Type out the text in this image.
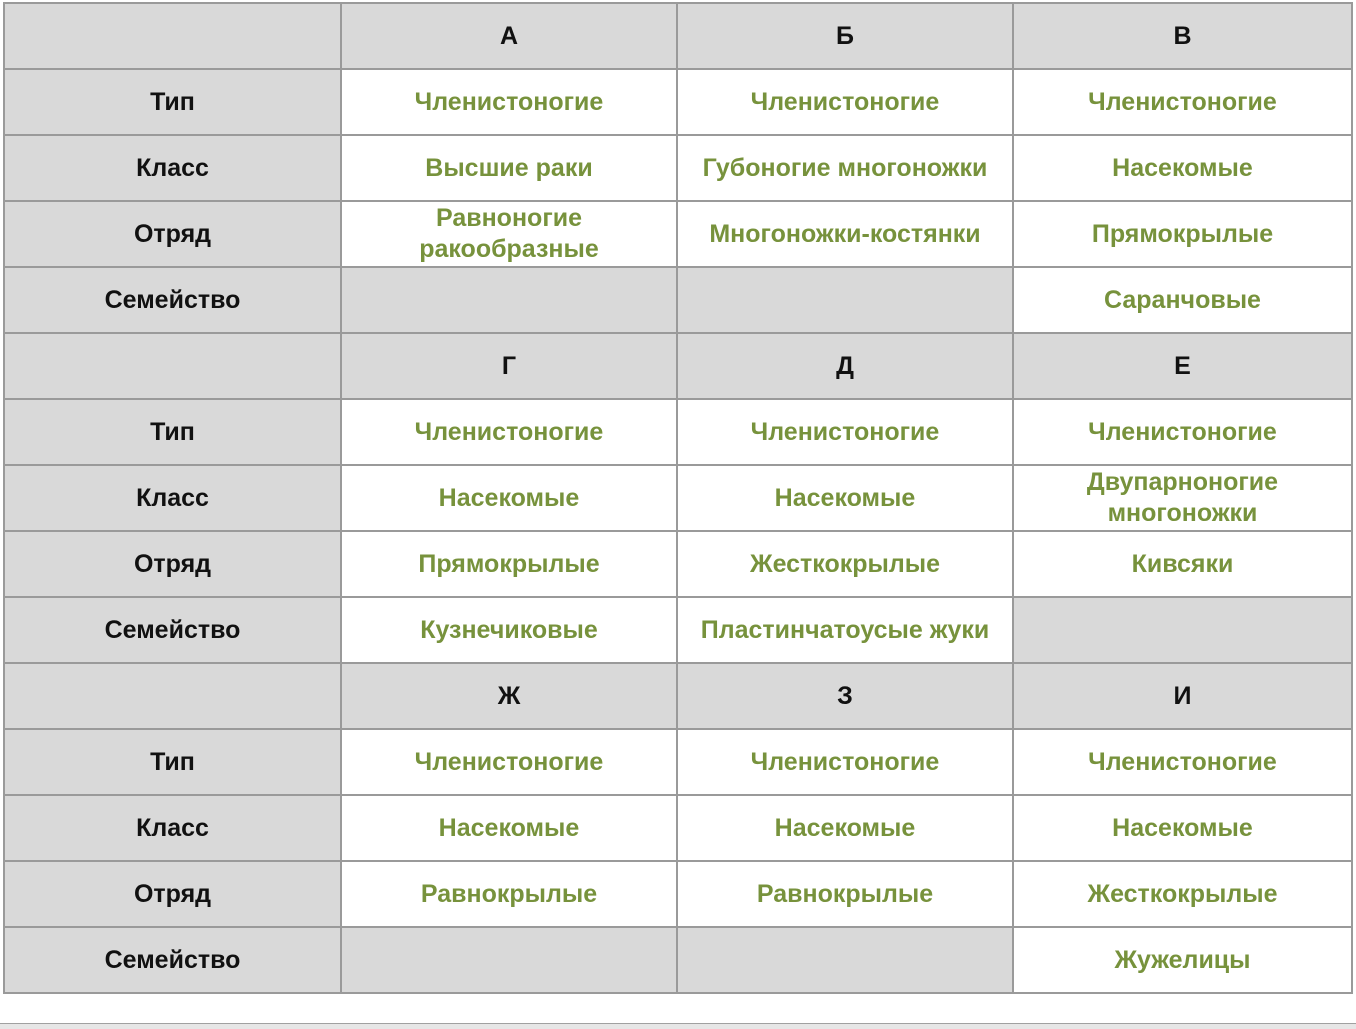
	А	Б	В
Тип	Членистоногие	Членистоногие	Членистоногие
Класс	Высшие раки	Губоногие многоножки	Насекомые
Отряд	Равноногие ракообразные	Многоножки-костянки	Прямокрылые
Семейство			Саранчовые
	Г	Д	Е
Тип	Членистоногие	Членистоногие	Членистоногие
Класс	Насекомые	Насекомые	Двупарноногие многоножки
Отряд	Прямокрылые	Жесткокрылые	Кивсяки
Семейство	Кузнечиковые	Пластинчатоусые жуки	
	Ж	З	И
Тип	Членистоногие	Членистоногие	Членистоногие
Класс	Насекомые	Насекомые	Насекомые
Отряд	Равнокрылые	Равнокрылые	Жесткокрылые
Семейство			Жужелицы
